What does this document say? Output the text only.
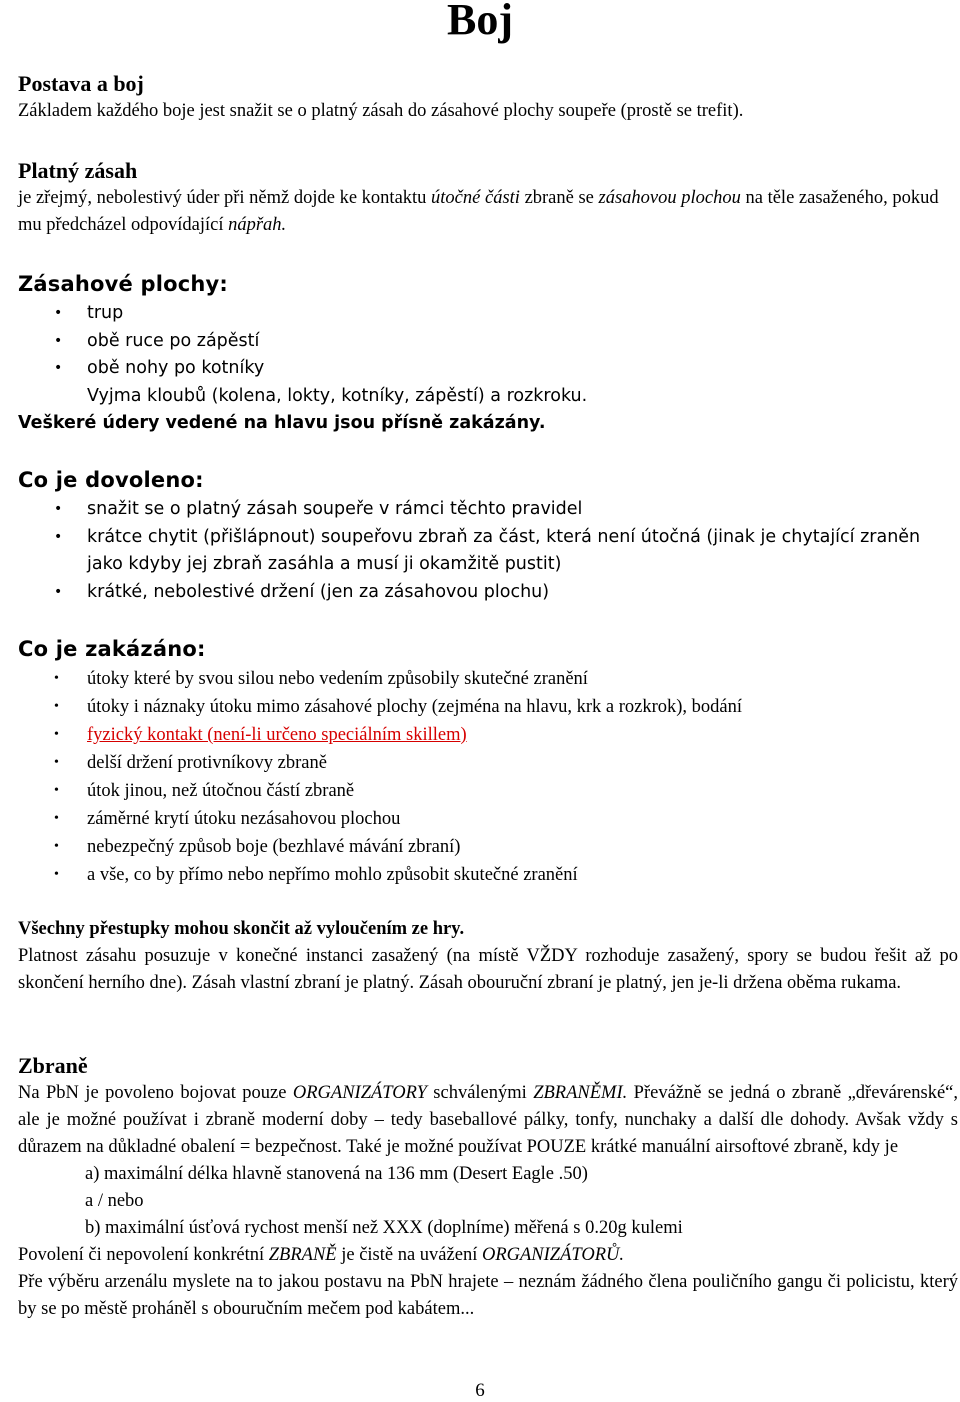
Boj
Postava a boj

Základem každého boje jest snažit se o platný zásah do zásahové plochy soupeře (prostě se trefit).

Platný zásah

je zřejmý, nebolestivý úder při němž dojde ke kontaktu útočné části zbraně se zásahovou plochou na těle zasaženého, pokud mu předcházel odpovídající nápřah.

Zásahové plochy:
• trup
• obě ruce po zápěstí
• obě nohy po kotníky

Vyjma kloubů (kolena, lokty, kotníky, zápěstí) a rozkroku.

Veškeré údery vedené na hlavu jsou přísně zakázány.

Co je dovoleno:
• snažit se o platný zásah soupeře v rámci těchto pravidel
• krátce chytit (přišlápnout) soupeřovu zbraň za část, která není útočná (jinak je chytající zraněn jako kdyby jej zbraň zasáhla a musí ji okamžitě pustit)
• krátké, nebolestivé držení (jen za zásahovou plochu)
Co je zakázáno:
• útoky které by svou silou nebo vedením způsobily skutečné zranění
• útoky i náznaky útoku mimo zásahové plochy (zejména na hlavu, krk a rozkrok), bodání
• fyzický kontakt (není-li určeno speciálním skillem)
• delší držení protivníkovy zbraně
• útok jinou, než útočnou částí zbraně
• záměrné krytí útoku nezásahovou plochou
• nebezpečný způsob boje (bezhlavé mávání zbraní)
• a vše, co by přímo nebo nepřímo mohlo způsobit skutečné zranění

Všechny přestupky mohou skončit až vyloučením ze hry.

Platnost zásahu posuzuje v konečné instanci zasažený (na místě VŽDY rozhoduje zasažený, spory se budou řešit až po skončení herního dne). Zásah vlastní zbraní je platný. Zásah obouruční zbraní je platný, jen je-li držena oběma rukama.

Zbraně

Na PbN je povoleno bojovat pouze ORGANIZÁTORY schválenými ZBRANĚMI. Převážně se jedná o zbraně „dřevárenské“, ale je možné používat i zbraně moderní doby – tedy baseballové pálky, tonfy, nunchaky a další dle dohody. Avšak vždy s důrazem na důkladné obalení = bezpečnost. Také je možné používat POUZE krátké manuální airsoftové zbraně, kdy je

a) maximální délka hlavně stanovená na 136 mm (Desert Eagle .50)

a / nebo

b) maximální úsťová rychost menší než XXX (doplníme) měřená s 0.20g kulemi

Povolení či nepovolení konkrétní ZBRANĚ je čistě na uvážení ORGANIZÁTORŮ.

Pře výběru arzenálu myslete na to jakou postavu na PbN hrajete – neznám žádného člena pouličního gangu či policistu, který by se po městě proháněl s obouručním mečem pod kabátem...

6
